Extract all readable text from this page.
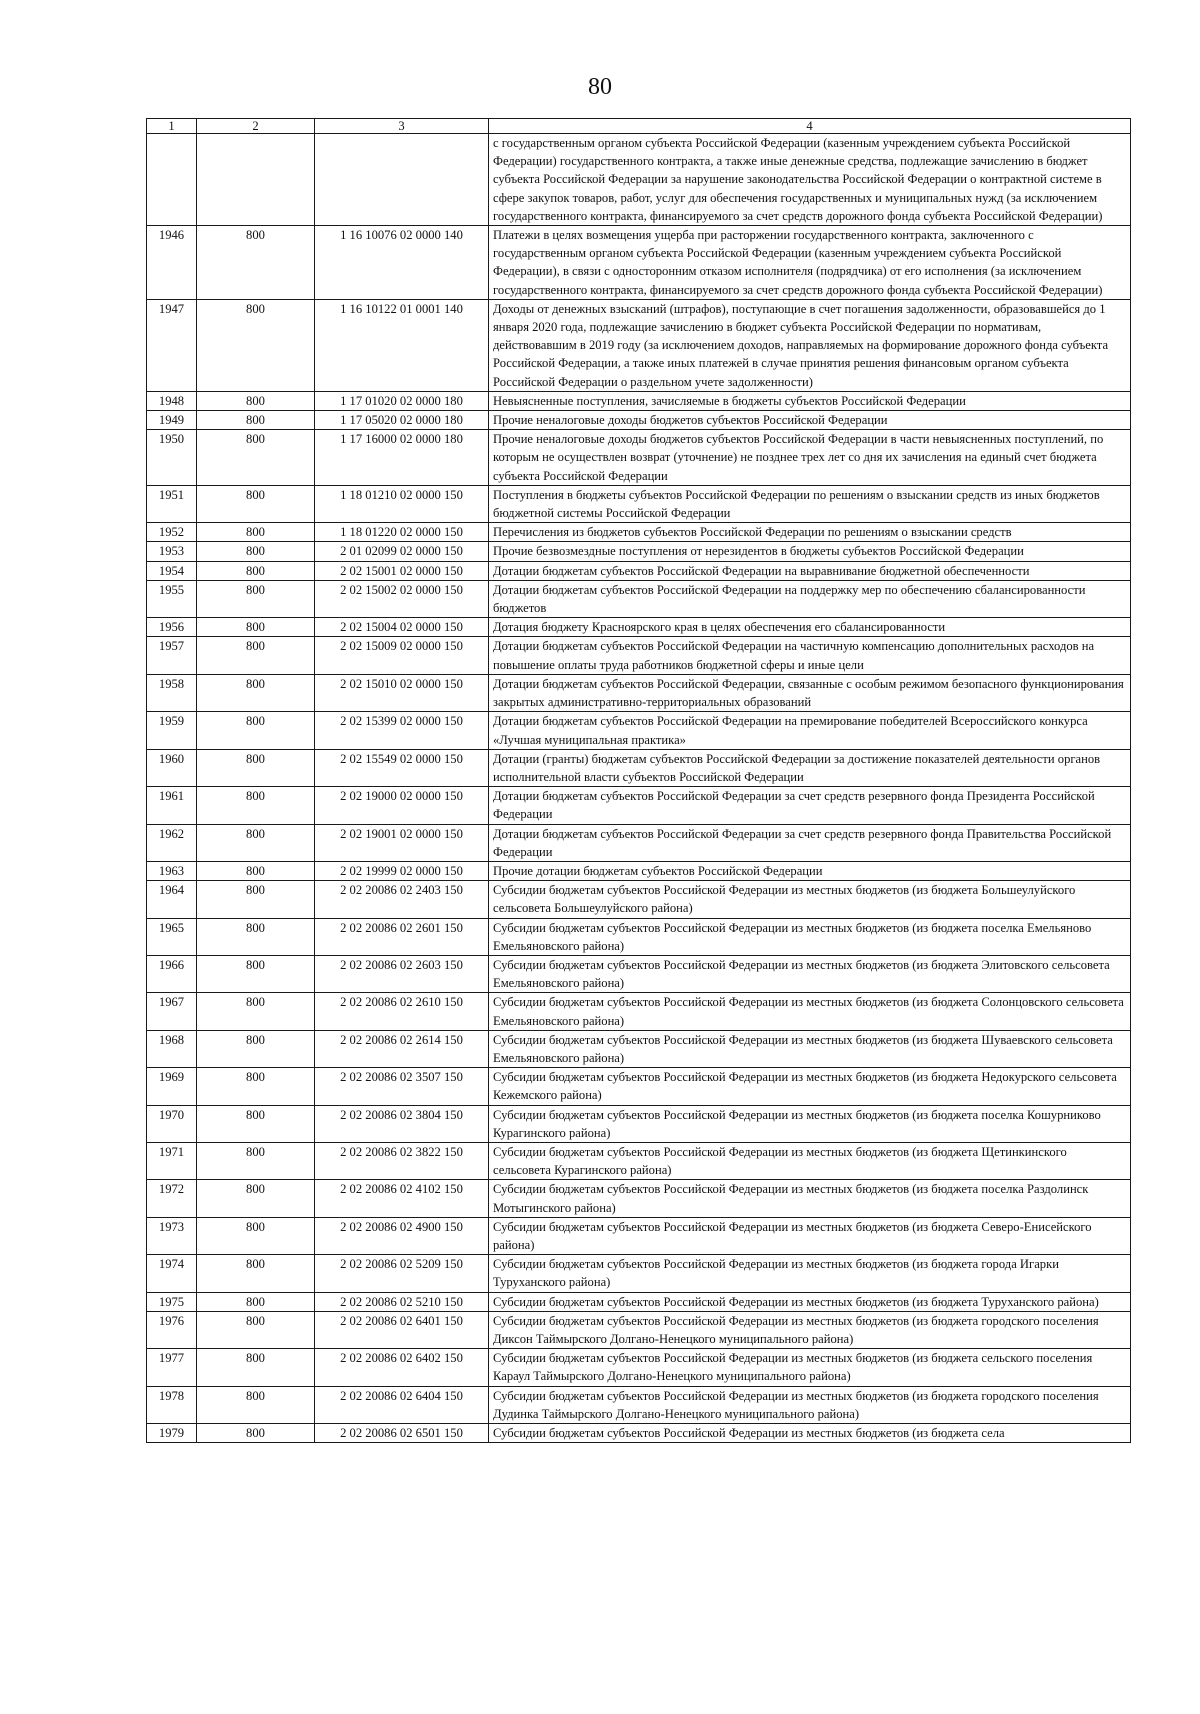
80
1	2	3	4
			с государственным органом субъекта Российской Федерации (казенным учреждением субъекта Российской Федерации) государственного контракта, а также иные денежные средства, подлежащие зачислению в бюджет субъекта Российской Федерации за нарушение законодательства Российской Федерации о контрактной системе в сфере закупок товаров, работ, услуг для обеспечения государственных и муниципальных нужд (за исключением государственного контракта, финансируемого за счет средств дорожного фонда субъекта Российской Федерации)
1946	800	1 16 10076 02 0000 140	Платежи в целях возмещения ущерба при расторжении государственного контракта, заключенного с государственным органом субъекта Российской Федерации (казенным учреждением субъекта Российской Федерации), в связи с односторонним отказом исполнителя (подрядчика) от его исполнения (за исключением государственного контракта, финансируемого за счет средств дорожного фонда субъекта Российской Федерации)
1947	800	1 16 10122 01 0001 140	Доходы от денежных взысканий (штрафов), поступающие в счет погашения задолженности, образовавшейся до 1 января 2020 года, подлежащие зачислению в бюджет субъекта Российской Федерации по нормативам, действовавшим в 2019 году (за исключением доходов, направляемых на формирование дорожного фонда субъекта Российской Федерации, а также иных платежей в случае принятия решения финансовым органом субъекта Российской Федерации о раздельном учете задолженности)
1948	800	1 17 01020 02 0000 180	Невыясненные поступления, зачисляемые в бюджеты субъектов Российской Федерации
1949	800	1 17 05020 02 0000 180	Прочие неналоговые доходы бюджетов субъектов Российской Федерации
1950	800	1 17 16000 02 0000 180	Прочие неналоговые доходы бюджетов субъектов Российской Федерации в части невыясненных поступлений, по которым не осуществлен возврат (уточнение) не позднее трех лет со дня их зачисления на единый счет бюджета субъекта Российской Федерации
1951	800	1 18 01210 02 0000 150	Поступления в бюджеты субъектов Российской Федерации по решениям о взыскании средств из иных бюджетов бюджетной системы Российской Федерации
1952	800	1 18 01220 02 0000 150	Перечисления из бюджетов субъектов Российской Федерации по решениям о взыскании средств
1953	800	2 01 02099 02 0000 150	Прочие безвозмездные поступления от нерезидентов в бюджеты субъектов Российской Федерации
1954	800	2 02 15001 02 0000 150	Дотации бюджетам субъектов Российской Федерации на выравнивание бюджетной обеспеченности
1955	800	2 02 15002 02 0000 150	Дотации бюджетам субъектов Российской Федерации на поддержку мер по обеспечению сбалансированности бюджетов
1956	800	2 02 15004 02 0000 150	Дотация бюджету Красноярского края в целях обеспечения его сбалансированности
1957	800	2 02 15009 02 0000 150	Дотации бюджетам субъектов Российской Федерации на частичную компенсацию дополнительных расходов на повышение оплаты труда работников бюджетной сферы и иные цели
1958	800	2 02 15010 02 0000 150	Дотации бюджетам субъектов Российской Федерации, связанные с особым режимом безопасного функционирования закрытых административно-территориальных образований
1959	800	2 02 15399 02 0000 150	Дотации бюджетам субъектов Российской Федерации на премирование победителей Всероссийского конкурса «Лучшая муниципальная практика»
1960	800	2 02 15549 02 0000 150	Дотации (гранты) бюджетам субъектов Российской Федерации за достижение показателей деятельности органов исполнительной власти субъектов Российской Федерации
1961	800	2 02 19000 02 0000 150	Дотации бюджетам субъектов Российской Федерации за счет средств резервного фонда Президента Российской Федерации
1962	800	2 02 19001 02 0000 150	Дотации бюджетам субъектов Российской Федерации за счет средств резервного фонда Правительства Российской Федерации
1963	800	2 02 19999 02 0000 150	Прочие дотации бюджетам субъектов Российской Федерации
1964	800	2 02 20086 02 2403 150	Субсидии бюджетам субъектов Российской Федерации из местных бюджетов (из бюджета Большеулуйского сельсовета Большеулуйского района)
1965	800	2 02 20086 02 2601 150	Субсидии бюджетам субъектов Российской Федерации из местных бюджетов (из бюджета поселка Емельяново Емельяновского района)
1966	800	2 02 20086 02 2603 150	Субсидии бюджетам субъектов Российской Федерации из местных бюджетов (из бюджета Элитовского сельсовета Емельяновского района)
1967	800	2 02 20086 02 2610 150	Субсидии бюджетам субъектов Российской Федерации из местных бюджетов (из бюджета Солонцовского сельсовета Емельяновского района)
1968	800	2 02 20086 02 2614 150	Субсидии бюджетам субъектов Российской Федерации из местных бюджетов (из бюджета Шуваевского сельсовета Емельяновского района)
1969	800	2 02 20086 02 3507 150	Субсидии бюджетам субъектов Российской Федерации из местных бюджетов (из бюджета Недокурского сельсовета Кежемского района)
1970	800	2 02 20086 02 3804 150	Субсидии бюджетам субъектов Российской Федерации из местных бюджетов (из бюджета поселка Кошурниково Курагинского района)
1971	800	2 02 20086 02 3822 150	Субсидии бюджетам субъектов Российской Федерации из местных бюджетов (из бюджета Щетинкинского сельсовета Курагинского района)
1972	800	2 02 20086 02 4102 150	Субсидии бюджетам субъектов Российской Федерации из местных бюджетов (из бюджета поселка Раздолинск Мотыгинского района)
1973	800	2 02 20086 02 4900 150	Субсидии бюджетам субъектов Российской Федерации из местных бюджетов (из бюджета Северо-Енисейского района)
1974	800	2 02 20086 02 5209 150	Субсидии бюджетам субъектов Российской Федерации из местных бюджетов (из бюджета города Игарки Туруханского района)
1975	800	2 02 20086 02 5210 150	Субсидии бюджетам субъектов Российской Федерации из местных бюджетов (из бюджета Туруханского района)
1976	800	2 02 20086 02 6401 150	Субсидии бюджетам субъектов Российской Федерации из местных бюджетов (из бюджета городского поселения Диксон Таймырского Долгано-Ненецкого муниципального района)
1977	800	2 02 20086 02 6402 150	Субсидии бюджетам субъектов Российской Федерации из местных бюджетов (из бюджета сельского поселения Караул Таймырского Долгано-Ненецкого муниципального района)
1978	800	2 02 20086 02 6404 150	Субсидии бюджетам субъектов Российской Федерации из местных бюджетов (из бюджета городского поселения Дудинка Таймырского Долгано-Ненецкого муниципального района)
1979	800	2 02 20086 02 6501 150	Субсидии бюджетам субъектов Российской Федерации из местных бюджетов (из бюджета села
